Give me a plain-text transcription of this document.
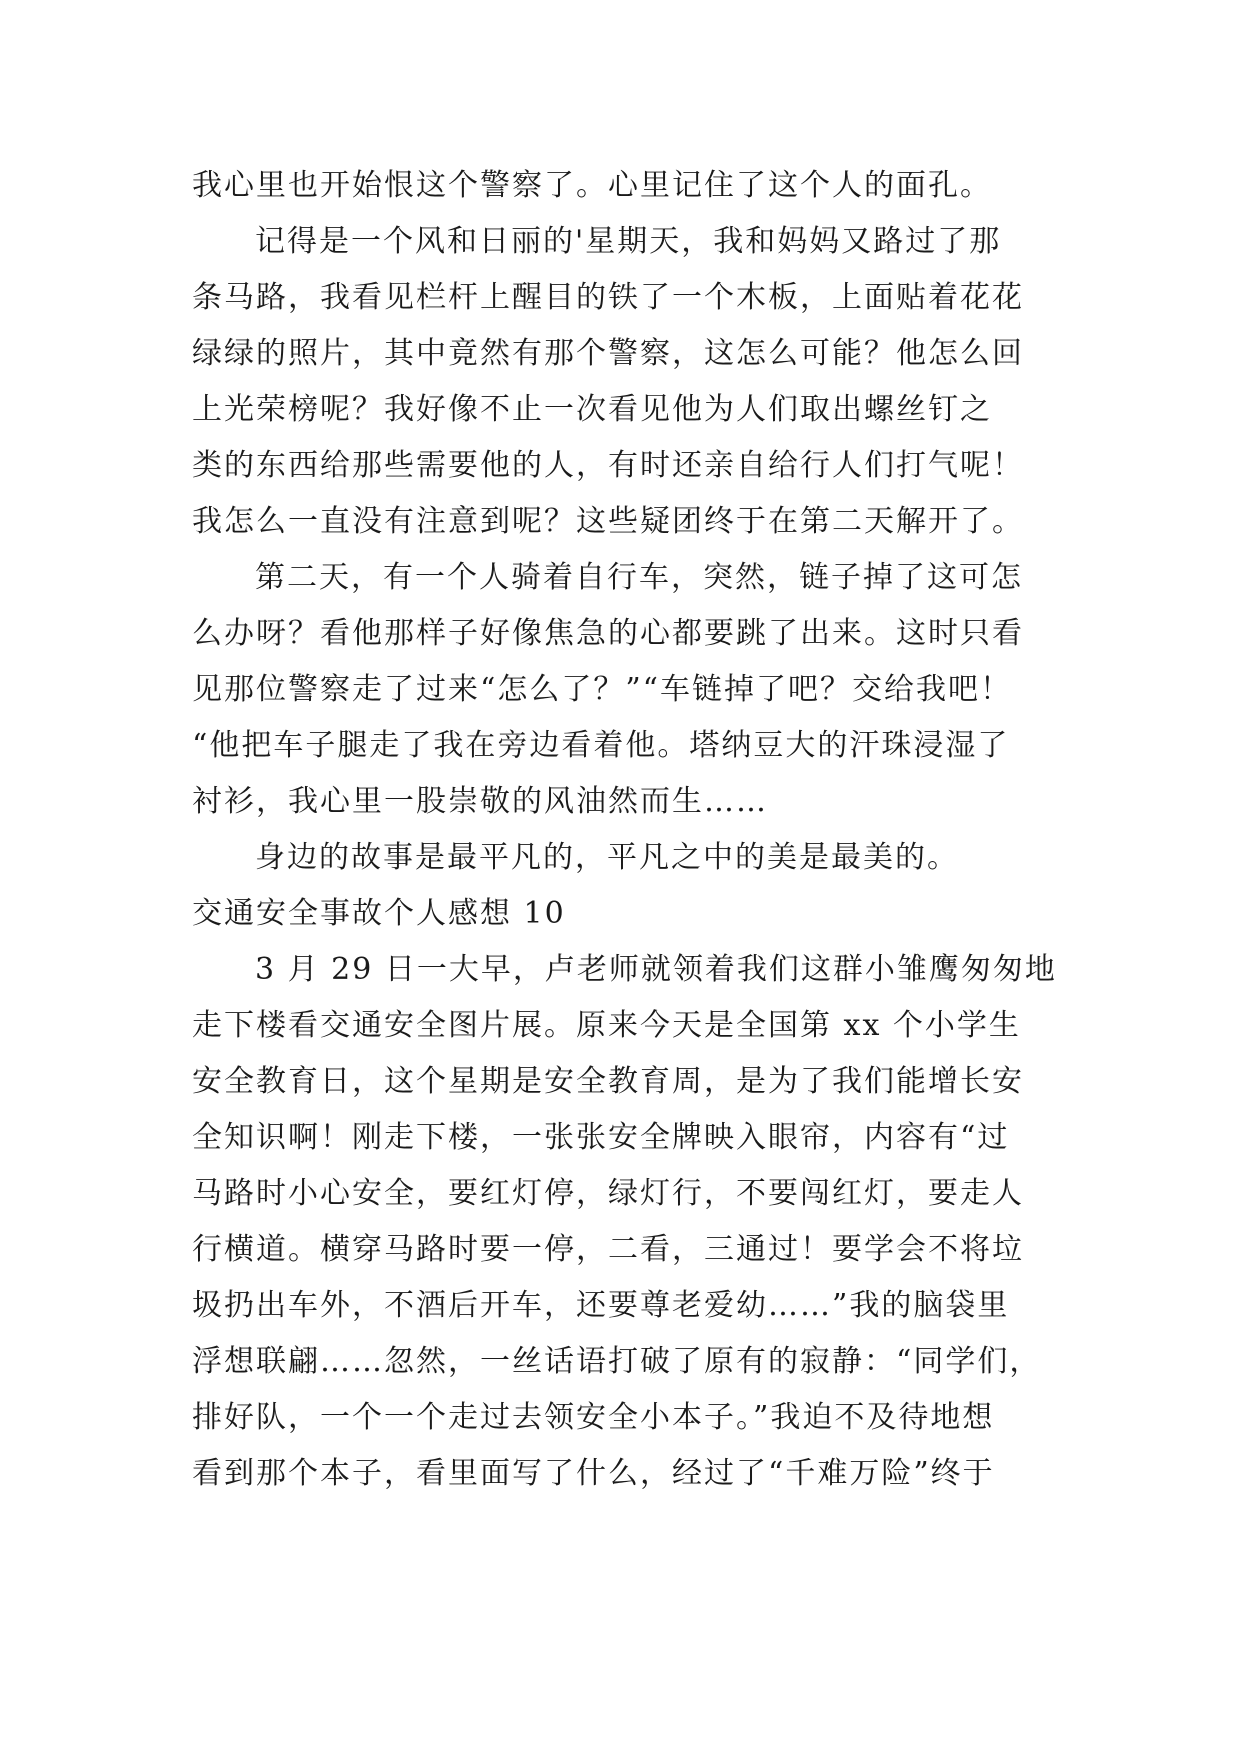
我心里也开始恨这个警察了。心里记住了这个人的面孔。
记得是一个风和日丽的'星期天，我和妈妈又路过了那
条马路，我看见栏杆上醒目的铁了一个木板，上面贴着花花
绿绿的照片，其中竟然有那个警察，这怎么可能？他怎么回
上光荣榜呢？我好像不止一次看见他为人们取出螺丝钉之
类的东西给那些需要他的人，有时还亲自给行人们打气呢！
我怎么一直没有注意到呢？这些疑团终于在第二天解开了。
第二天，有一个人骑着自行车，突然，链子掉了这可怎
么办呀？看他那样子好像焦急的心都要跳了出来。这时只看
见那位警察走了过来“怎么了？”“车链掉了吧？交给我吧！
“他把车子腿走了我在旁边看着他。塔纳豆大的汗珠浸湿了
衬衫，我心里一股崇敬的风油然而生……
身边的故事是最平凡的，平凡之中的美是最美的。
交通安全事故个人感想 10
3 月 29 日一大早，卢老师就领着我们这群小雏鹰匆匆地
走下楼看交通安全图片展。原来今天是全国第 xx 个小学生
安全教育日，这个星期是安全教育周，是为了我们能增长安
全知识啊！刚走下楼，一张张安全牌映入眼帘，内容有“过
马路时小心安全，要红灯停，绿灯行，不要闯红灯，要走人
行横道。横穿马路时要一停，二看，三通过！要学会不将垃
圾扔出车外，不酒后开车，还要尊老爱幼……”我的脑袋里
浮想联翩……忽然，一丝话语打破了原有的寂静：“同学们，
排好队，一个一个走过去领安全小本子。”我迫不及待地想
看到那个本子，看里面写了什么，经过了“千难万险”终于
